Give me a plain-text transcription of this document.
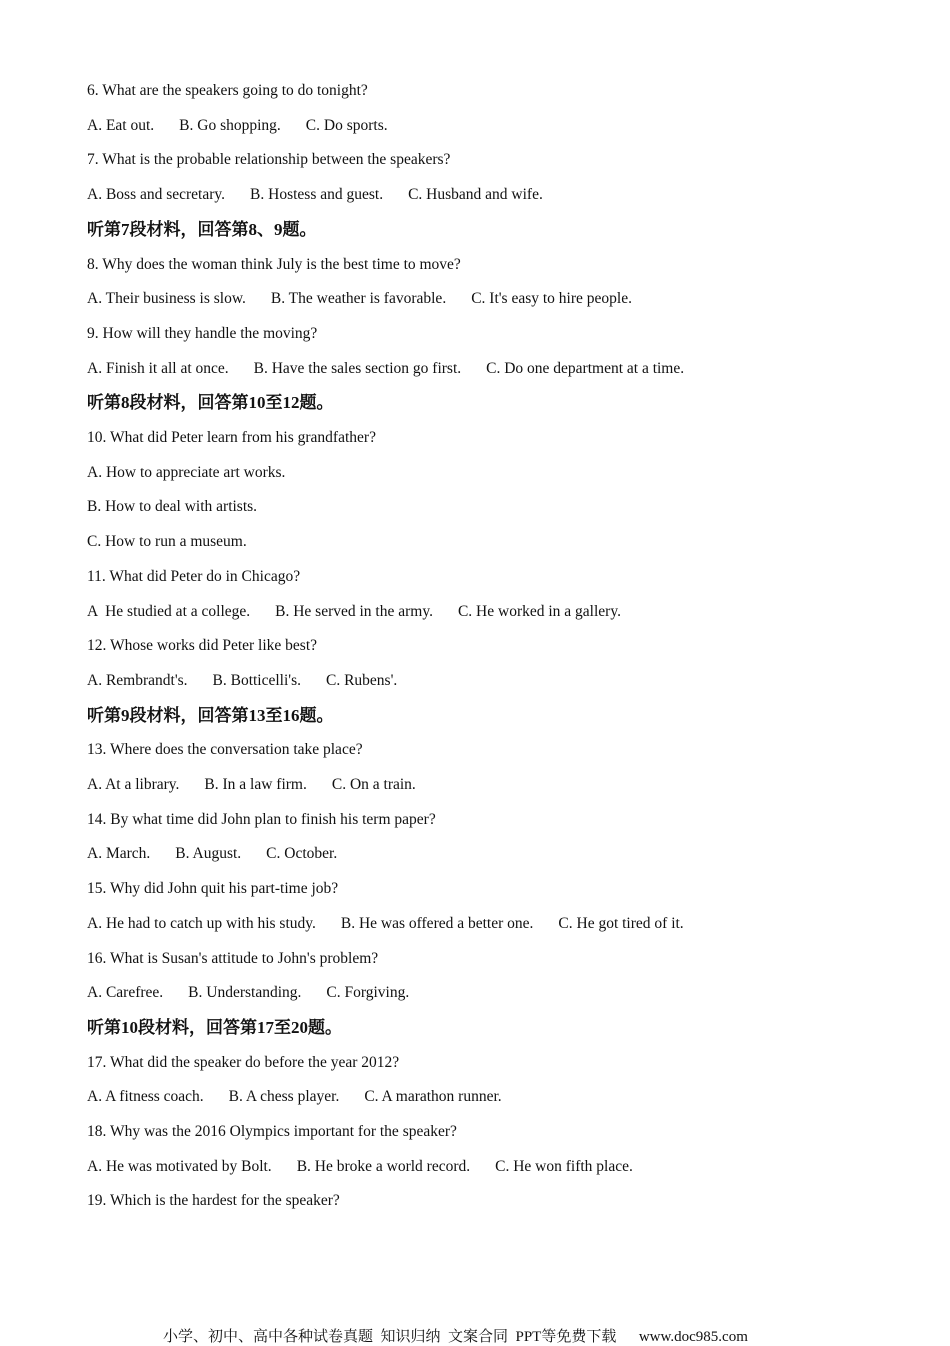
6. What are the speakers going to do tonight?
A. Eat out. B. Go shopping. C. Do sports.
7. What is the probable relationship between the speakers?
A. Boss and secretary. B. Hostess and guest. C. Husband and wife.
听第7段材料，回答第8、9题。
8. Why does the woman think July is the best time to move?
A. Their business is slow. B. The weather is favorable. C. It's easy to hire people.
9. How will they handle the moving?
A. Finish it all at once. B. Have the sales section go first. C. Do one department at a time.
听第8段材料，回答第10至12题。
10. What did Peter learn from his grandfather?
A. How to appreciate art works.
B. How to deal with artists.
C. How to run a museum.
11. What did Peter do in Chicago?
A  He studied at a college. B. He served in the army. C. He worked in a gallery.
12. Whose works did Peter like best?
A. Rembrandt's. B. Botticelli's. C. Rubens'.
听第9段材料，回答第13至16题。
13. Where does the conversation take place?
A. At a library. B. In a law firm. C. On a train.
14. By what time did John plan to finish his term paper?
A. March. B. August. C. October.
15. Why did John quit his part-time job?
A. He had to catch up with his study. B. He was offered a better one. C. He got tired of it.
16. What is Susan's attitude to John's problem?
A. Carefree. B. Understanding. C. Forgiving.
听第10段材料，回答第17至20题。
17. What did the speaker do before the year 2012?
A. A fitness coach. B. A chess player. C. A marathon runner.
18. Why was the 2016 Olympics important for the speaker?
A. He was motivated by Bolt. B. He broke a world record. C. He won fifth place.
19. Which is the hardest for the speaker?
小学、初中、高中各种试卷真题  知识归纳  文案合同  PPT等免费下载      www.doc985.com
